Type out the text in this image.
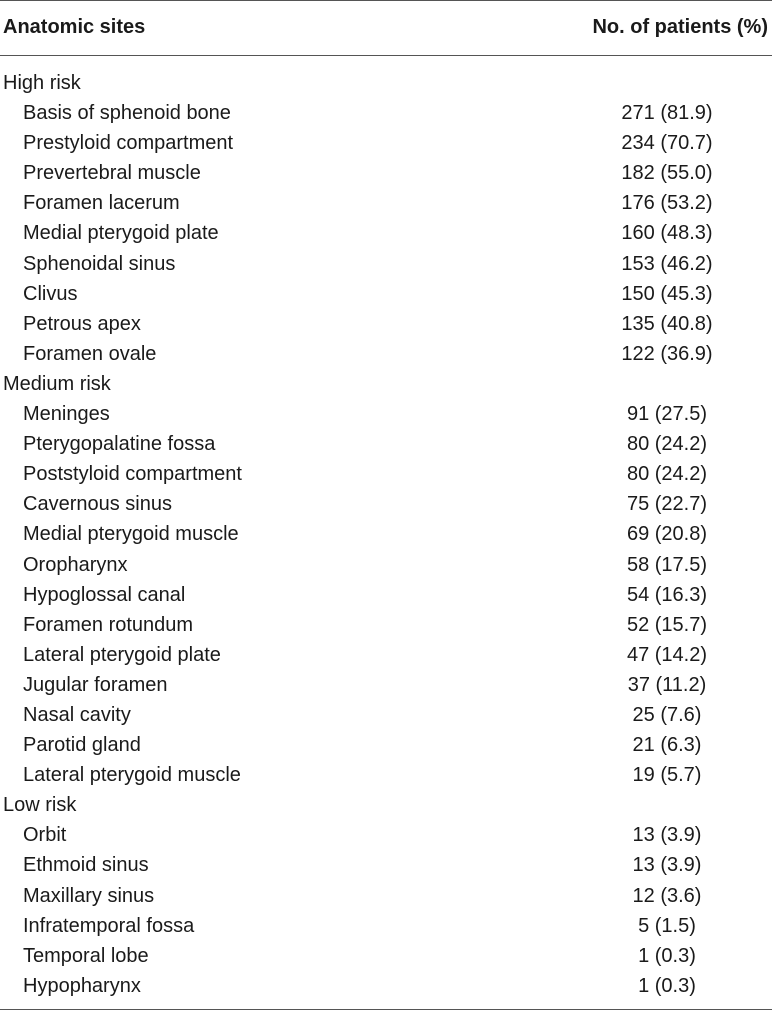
Anatomic sites	No. of patients (%)
High risk
Basis of sphenoid bone	271 (81.9)
Prestyloid compartment	234 (70.7)
Prevertebral muscle	182 (55.0)
Foramen lacerum	176 (53.2)
Medial pterygoid plate	160 (48.3)
Sphenoidal sinus	153 (46.2)
Clivus	150 (45.3)
Petrous apex	135 (40.8)
Foramen ovale	122 (36.9)
Medium risk
Meninges	91 (27.5)
Pterygopalatine fossa	80 (24.2)
Poststyloid compartment	80 (24.2)
Cavernous sinus	75 (22.7)
Medial pterygoid muscle	69 (20.8)
Oropharynx	58 (17.5)
Hypoglossal canal	54 (16.3)
Foramen rotundum	52 (15.7)
Lateral pterygoid plate	47 (14.2)
Jugular foramen	37 (11.2)
Nasal cavity	25 (7.6)
Parotid gland	21 (6.3)
Lateral pterygoid muscle	19 (5.7)
Low risk
Orbit	13 (3.9)
Ethmoid sinus	13 (3.9)
Maxillary sinus	12 (3.6)
Infratemporal fossa	5 (1.5)
Temporal lobe	1 (0.3)
Hypopharynx	1 (0.3)
